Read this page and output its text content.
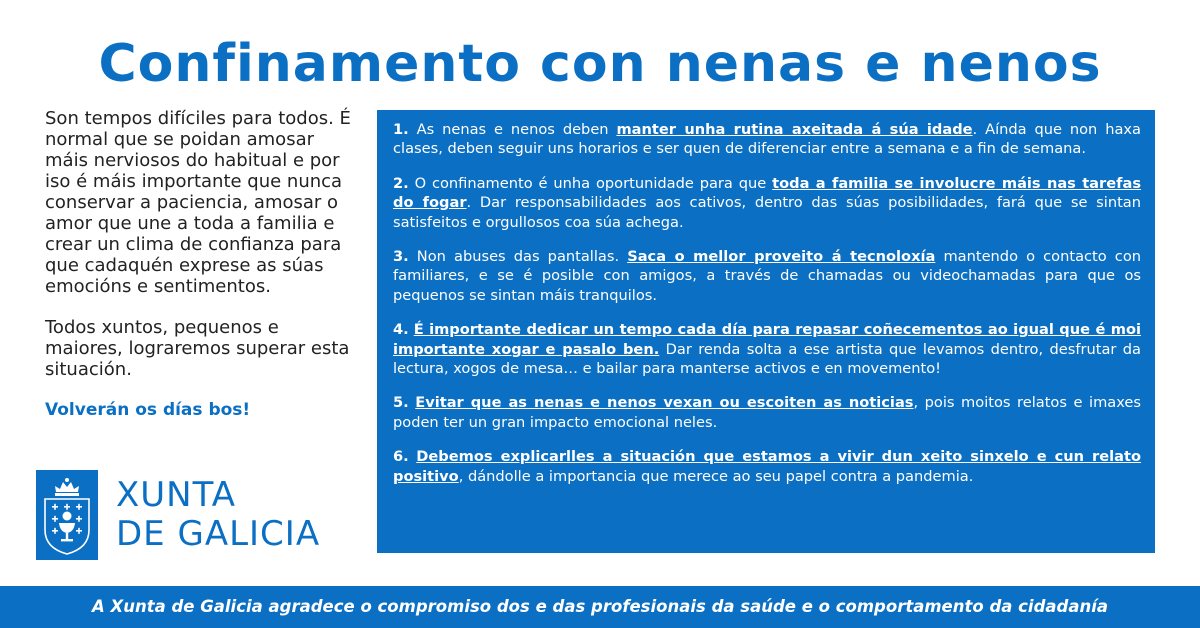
Confinamento con nenas e nenos

Son tempos difíciles para todos. É normal que se poidan amosar máis nerviosos do habitual e por iso é máis importante que nunca conservar a paciencia, amosar o amor que une a toda a familia e crear un clima de confianza para que cadaquén exprese as súas emocións e sentimentos.

Todos xuntos, pequenos e maiores, lograremos superar esta situación.

Volverán os días bos!

XUNTA
DE GALICIA

1. As nenas e nenos deben manter unha rutina axeitada á súa idade. Aínda que non haxa clases, deben seguir uns horarios e ser quen de diferenciar entre a semana e a fin de semana.

2. O confinamento é unha oportunidade para que toda a familia se involucre máis nas tarefas do fogar. Dar responsabilidades aos cativos, dentro das súas posibilidades, fará que se sintan satisfeitos e orgullosos coa súa achega.

3. Non abuses das pantallas. Saca o mellor proveito á tecnoloxía mantendo o contacto con familiares, e se é posible con amigos, a través de chamadas ou videochamadas para que os pequenos se sintan máis tranquilos.

4. É importante dedicar un tempo cada día para repasar coñecementos ao igual que é moi importante xogar e pasalo ben. Dar renda solta a ese artista que levamos dentro, desfrutar da lectura, xogos de mesa… e bailar para manterse activos e en movemento!

5. Evitar que as nenas e nenos vexan ou escoiten as noticias, pois moitos relatos e imaxes poden ter un gran impacto emocional neles.

6. Debemos explicarlles a situación que estamos a vivir dun xeito sinxelo e cun relato positivo, dándolle a importancia que merece ao seu papel contra a pandemia.

A Xunta de Galicia agradece o compromiso dos e das profesionais da saúde e o comportamento da cidadanía
